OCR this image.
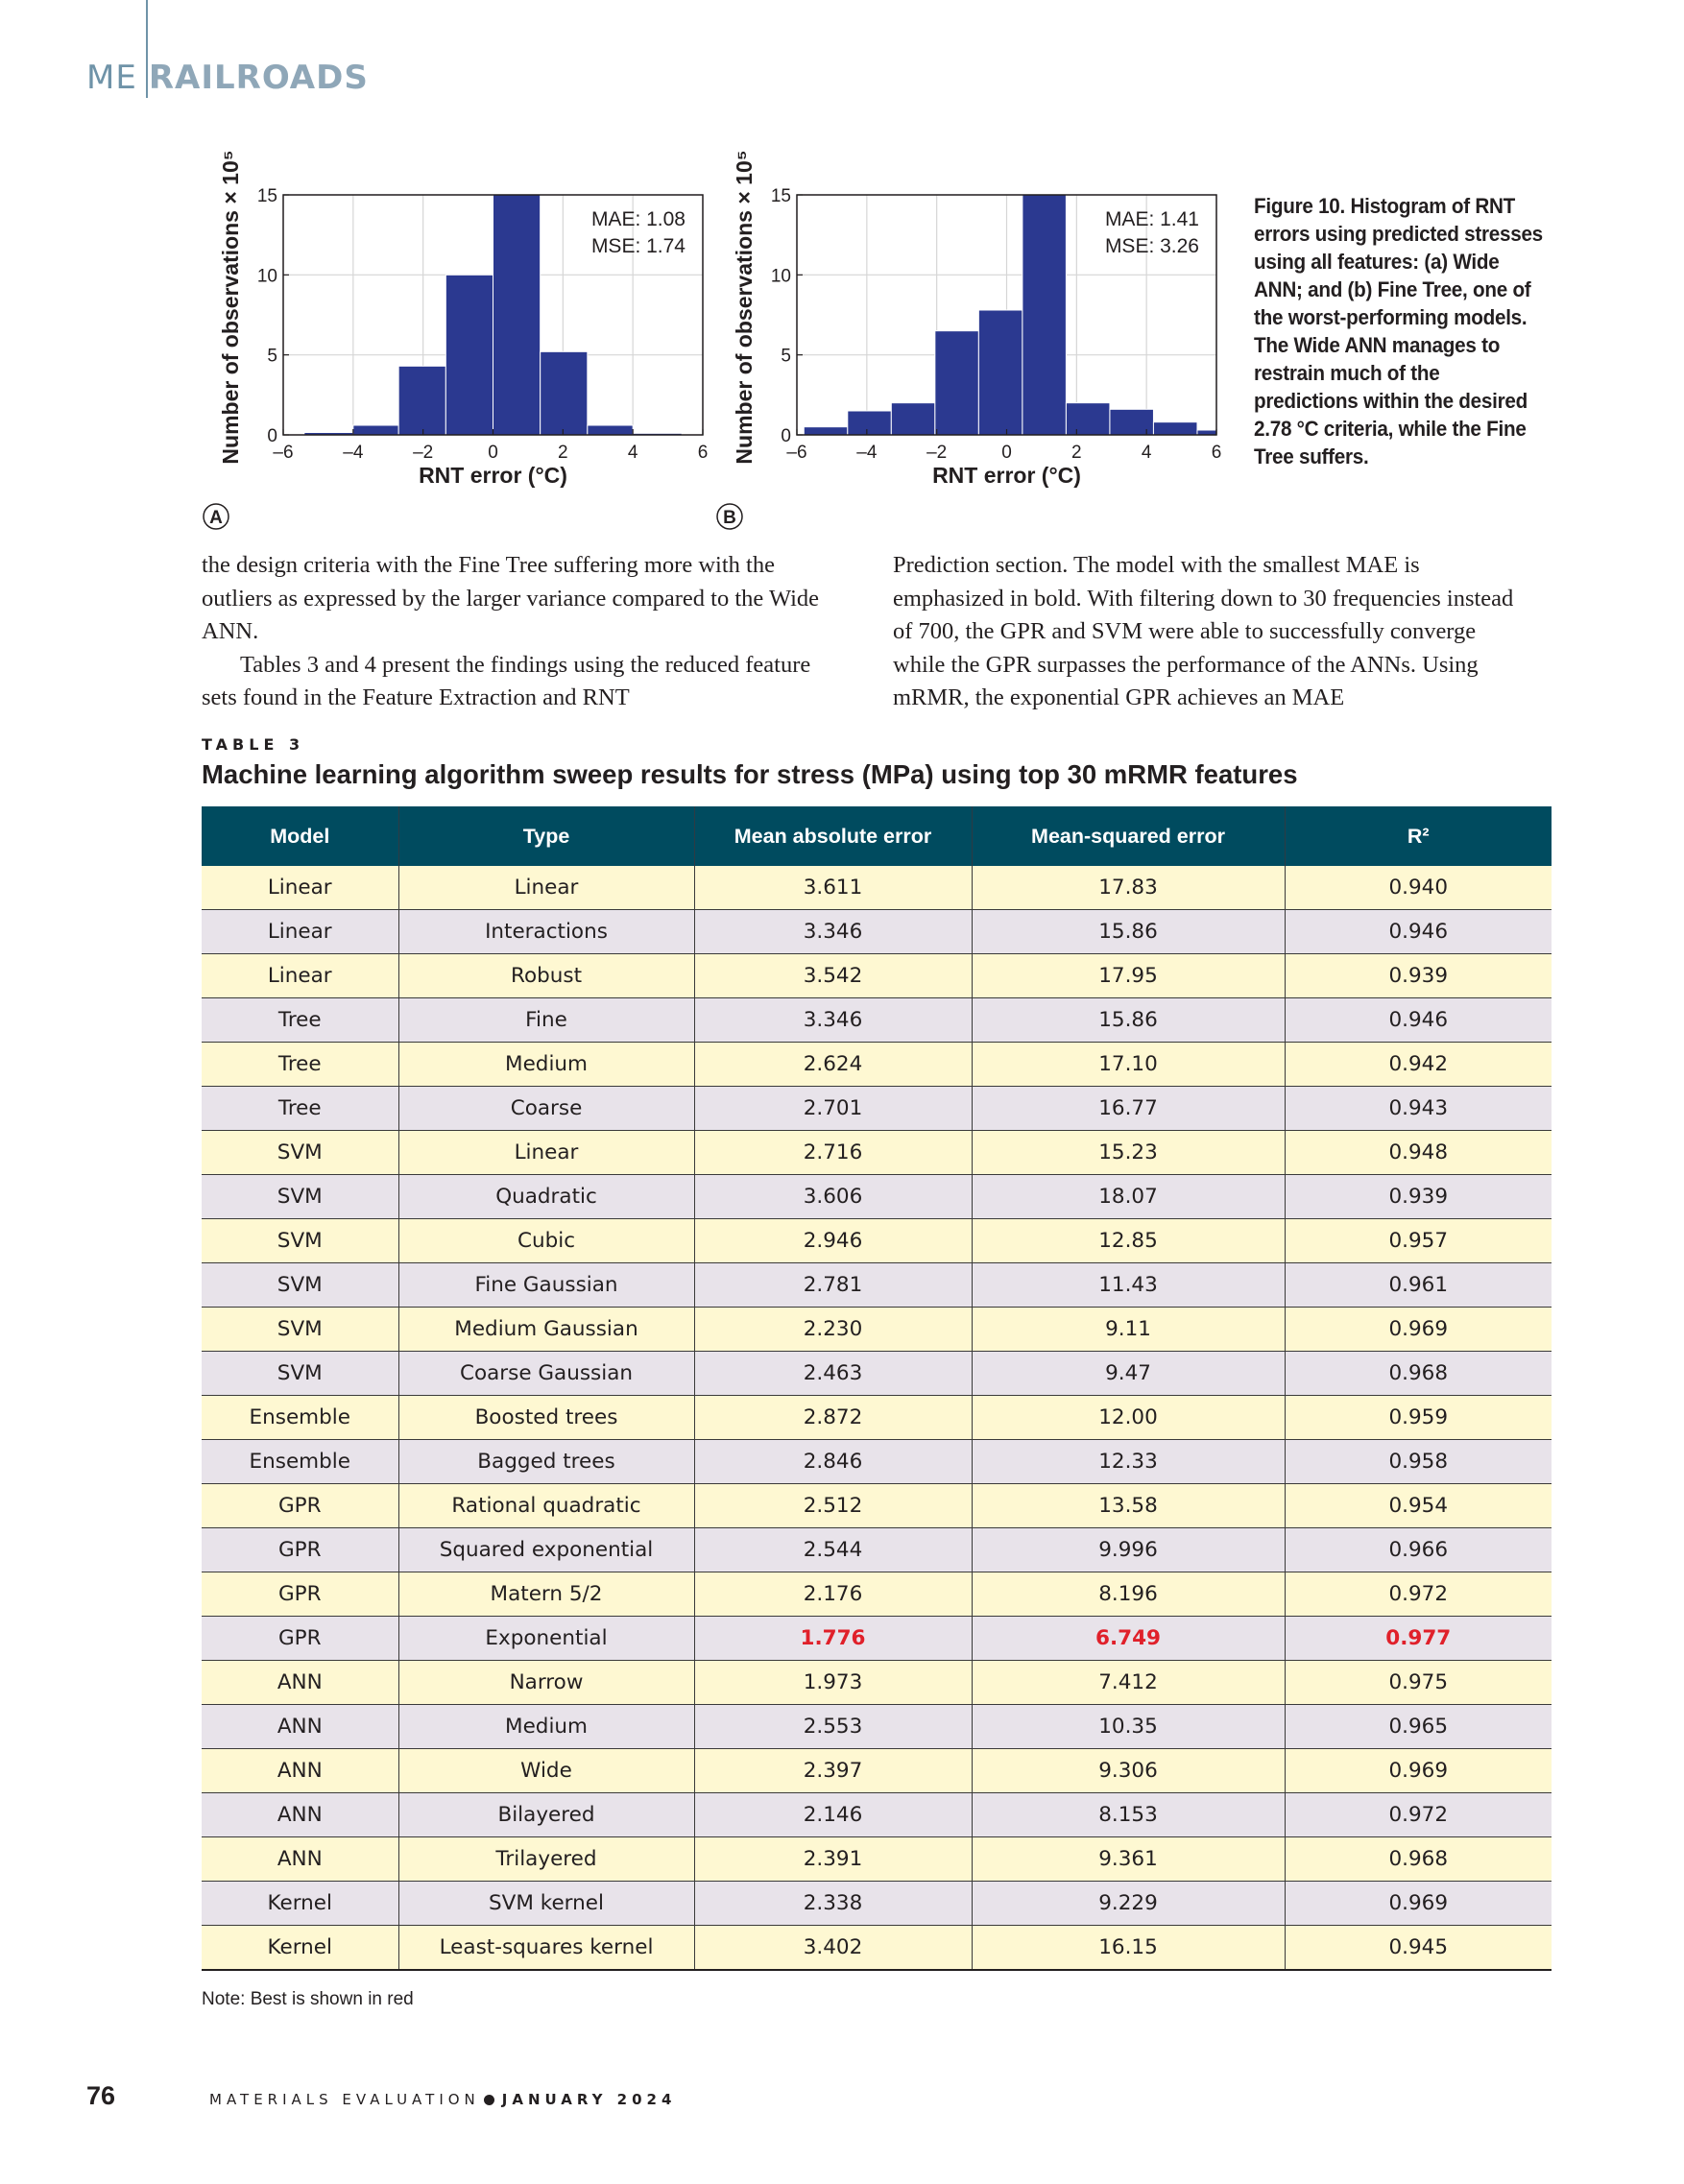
ME RAILROADS
–6	–4	–2	0	2	4	6
0
5
10
15
RNT error (°C)
Number of observations × 10⁵	MAE: 1.08
MSE: 1.74
A
–6	–4	–2	0	2	4	6
0
5
10
15
RNT error (°C)
Number of observations × 10⁵	MAE: 1.41
MSE: 3.26
B
Figure 10. Histogram of RNT errors using predicted stresses using all features: (a) Wide ANN; and (b) Fine Tree, one of the worst-performing models. The Wide ANN manages to restrain much of the predictions within the desired 2.78 °C criteria, while the Fine Tree suffers.

the design criteria with the Fine Tree suffering more with the outliers as expressed by the larger variance compared to the Wide ANN.

Tables 3 and 4 present the findings using the reduced feature sets found in the Feature Extraction and RNT

Prediction section. The model with the smallest MAE is emphasized in bold. With filtering down to 30 frequencies instead of 700, the GPR and SVM were able to successfully converge while the GPR surpasses the performance of the ANNs. Using mRMR, the exponential GPR achieves an MAE

TABLE 3
Machine learning algorithm sweep results for stress (MPa) using top 30 mRMR features
Model	Type	Mean absolute error	Mean-squared error	R²
Linear	Linear	3.611	17.83	0.940
Linear	Interactions	3.346	15.86	0.946
Linear	Robust	3.542	17.95	0.939
Tree	Fine	3.346	15.86	0.946
Tree	Medium	2.624	17.10	0.942
Tree	Coarse	2.701	16.77	0.943
SVM	Linear	2.716	15.23	0.948
SVM	Quadratic	3.606	18.07	0.939
SVM	Cubic	2.946	12.85	0.957
SVM	Fine Gaussian	2.781	11.43	0.961
SVM	Medium Gaussian	2.230	9.11	0.969
SVM	Coarse Gaussian	2.463	9.47	0.968
Ensemble	Boosted trees	2.872	12.00	0.959
Ensemble	Bagged trees	2.846	12.33	0.958
GPR	Rational quadratic	2.512	13.58	0.954
GPR	Squared exponential	2.544	9.996	0.966
GPR	Matern 5/2	2.176	8.196	0.972
GPR	Exponential	1.776	6.749	0.977
ANN	Narrow	1.973	7.412	0.975
ANN	Medium	2.553	10.35	0.965
ANN	Wide	2.397	9.306	0.969
ANN	Bilayered	2.146	8.153	0.972
ANN	Trilayered	2.391	9.361	0.968
Kernel	SVM kernel	2.338	9.229	0.969
Kernel	Least-squares kernel	3.402	16.15	0.945
Note: Best is shown in red
76	MATERIALS EVALUATION JANUARY 2024
